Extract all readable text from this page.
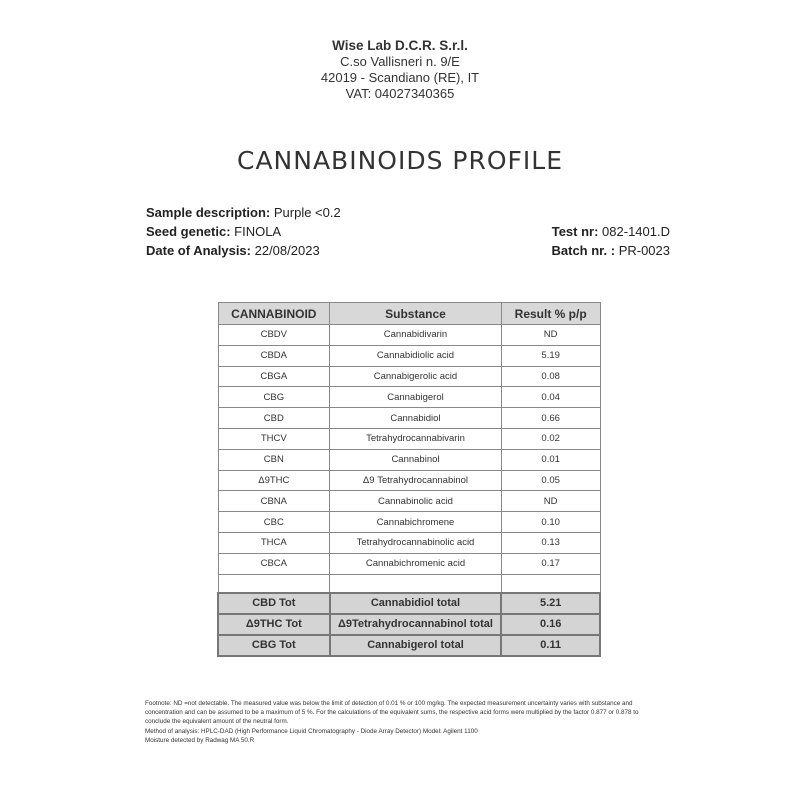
Wise Lab D.C.R. S.r.l.
C.so Vallisneri n. 9/E
42019 - Scandiano (RE), IT
VAT: 04027340365
CANNABINOIDS PROFILE
Sample description: Purple <0.2
Seed genetic: FINOLA
Date of Analysis: 22/08/2023
Test nr: 082-1401.D
Batch nr. : PR-0023
CANNABINOID	Substance	Result % p/p
CBDV	Cannabidivarin	ND
CBDA	Cannabidiolic acid	5.19
CBGA	Cannabigerolic acid	0.08
CBG	Cannabigerol	0.04
CBD	Cannabidiol	0.66
THCV	Tetrahydrocannabivarin	0.02
CBN	Cannabinol	0.01
Δ9THC	Δ9 Tetrahydrocannabinol	0.05
CBNA	Cannabinolic acid	ND
CBC	Cannabichromene	0.10
THCA	Tetrahydrocannabinolic acid	0.13
CBCA	Cannabichromenic acid	0.17

CBD Tot	Cannabidiol total	5.21
Δ9THC Tot	Δ9Tetrahydrocannabinol total	0.16
CBG Tot	Cannabigerol total	0.11
Footnote: ND =not detectable. The measured value was below the limit of detection of 0.01 % or 100 mg/kg. The expected measurement uncertainty varies with substance and concentration and can be assumed to be a maximum of 5 %. For the calculations of the equivalent sums, the respective acid forms were multiplied by the factor 0.877 or 0.878 to conclude the equivalent amount of the neutral form.
Method of analysis: HPLC-DAD (High Performance Liquid Chromatography - Diode Array Detector) Model: Agilent 1100
Moisture detected by Radwag MA 50.R
